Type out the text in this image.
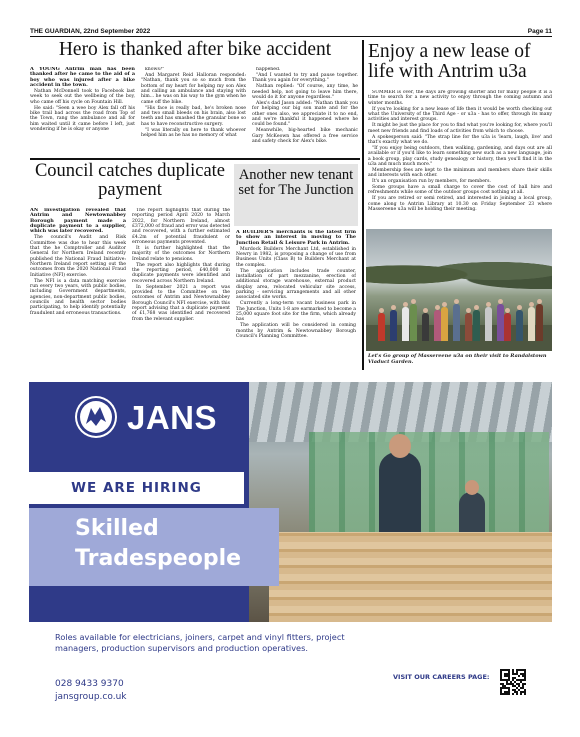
THE GUARDIAN, 22nd September 2022	Page 11
Hero is thanked after bike accident

A YOUNG Antrim man has been thanked after he came to the aid of a boy who was injured after a bike accident in the town.

Nathan McDonnell took to Facebook last week to seek out the wellbeing of the boy, who came off his cycle on Fountain Hill.

He said: "Seen a wee boy Alex fall off his bike trail bad across the road from Top of the Town, rang the ambulance and all for him waited until it came before I left, just wondering if he is okay or anyone

knows?"

And Margaret Reid Halloran responded: "Nathan, thank you so so much from the bottom of my heart for helping my son Alex and calling an ambulance and staying with him... he was on his way to the gym when he came off the bike.

"His face is really bad, he's broken nose and two small bleeds on his brain, also lost teeth and has smashed the granular bone so has to have reconstructive surgery.

"I was literally on here to thank whoever helped him as he has no memory of what

happened.

"And I wanted to try and pause together. Thank you again for everything."

Nathan replied: "Of course, any time, he needed help, not going to leave him there, would do it for anyone regardless."

Alex's dad Jason added: "Nathan thank you for helping our big son mate and for the other ones also, we appreciate it to no end, and we're thankful it happened where he could be found."

Meanwhile, big-hearted bike mechanic Gary McKeown has offered a free service and safety check for Alex's bike.

Council catches duplicate payment

AN investigation revealed that Antrim and Newtownabbey Borough payment made a duplicate payment to a supplier, which was later recovered.

The council's Audit and Risk Committee was due to hear this week that the he Comptroller and Auditor General for Northern Ireland recently published the National Fraud Initiative: Northern Ireland report setting out the outcomes from the 2020 National Fraud Initiative (NFI) exercise.

The NFI is a data matching exercise run every two years, with public bodies, including Government departments, agencies, non-department public bodies, councils and health sector bodies participating, to help identify potentially fraudulent and erroneous transactions.

The report highlights that during the reporting period April 2020 to March 2022, for Northern Ireland, almost £372,000 of fraud and error was detected and recovered, with a further estimated £4.2m of potential fraudulent or erroneous payments prevented.

It is further highlighted that the majority of the outcomes for Northern Ireland relate to pensions.

The report also highlights that during the reporting period, £40,000 in duplicate payments were identified and recovered across Northern Ireland.

In September 2021 a report was provided to the Committee on the outcomes of Antrim and Newtownabbey Borough Council's NFI exercise, with this report advising that a duplicate payment of £1,768 was identified and recovered from the relevant supplier.

Another new tenant set for The Junction

A BUILDER'S merchants is the latest firm to show an interest in moving to The Junction Retail & Leisure Park in Antrim.

Murdock Builders Merchant Ltd, established in Newry in 1982, is proposing a change of use from Business Units (Class B) to Builders Merchant at the complex.

The application includes trade counter, installation of part mezzanine, erection of additional storage warehouse, external product display area, relocated vehicular site access, parking - servicing arrangements and all other associated site works.

Currently a long-term vacant business park in The Junction, Units 1-8 are earmarked to become a 25,000 square foot site for the firm, which already has

The application will be considered in coming months by Antrim & Newtownabbey Borough Council's Planning Committee.

Enjoy a new lease of life with Antrim u3a

SUMMER is over, the days are growing shorter and for many people it is a time to search for a new activity to enjoy through the coming autumn and winter months.

If you're looking for a new lease of life then it would be worth checking out what the University of the Third Age - or u3a - has to offer, through its many activities and interest groups.

It might be just the place for you to find what you're looking for, where you'll meet new friends and find loads of activities from which to choose.

A spokesperson said: "The strap line for the u3a is 'learn, laugh, live' and that's exactly what we do.

"If you enjoy being outdoors, then walking, gardening, and days out are all available or if you'd like to learn something new such as a new language, join a book group, play cards, study genealogy or history, then you'll find it in the u3a and much much more."

Membership fees are kept to the minimum and members share their skills and interests with each other.

It's an organisation run by members, for members.

Some groups have a small charge to cover the cost of hall hire and refreshments while some of the outdoor groups cost nothing at all.

If you are retired or semi retired, and interested in joining a local group, come along to Antrim Library at 10.30 on Friday September 23 where Massereene u3a will be holding their meeting.

Let's Go group of Massereene u3a on their visit to Randalstown Viaduct Garden.
JANS
WE ARE HIRING
Skilled
Tradespeople
Roles available for electricians, joiners, carpet and vinyl fitters, project managers, production supervisors and production operatives.
028 9433 9370
jansgroup.co.uk
VISIT OUR CAREERS PAGE:
